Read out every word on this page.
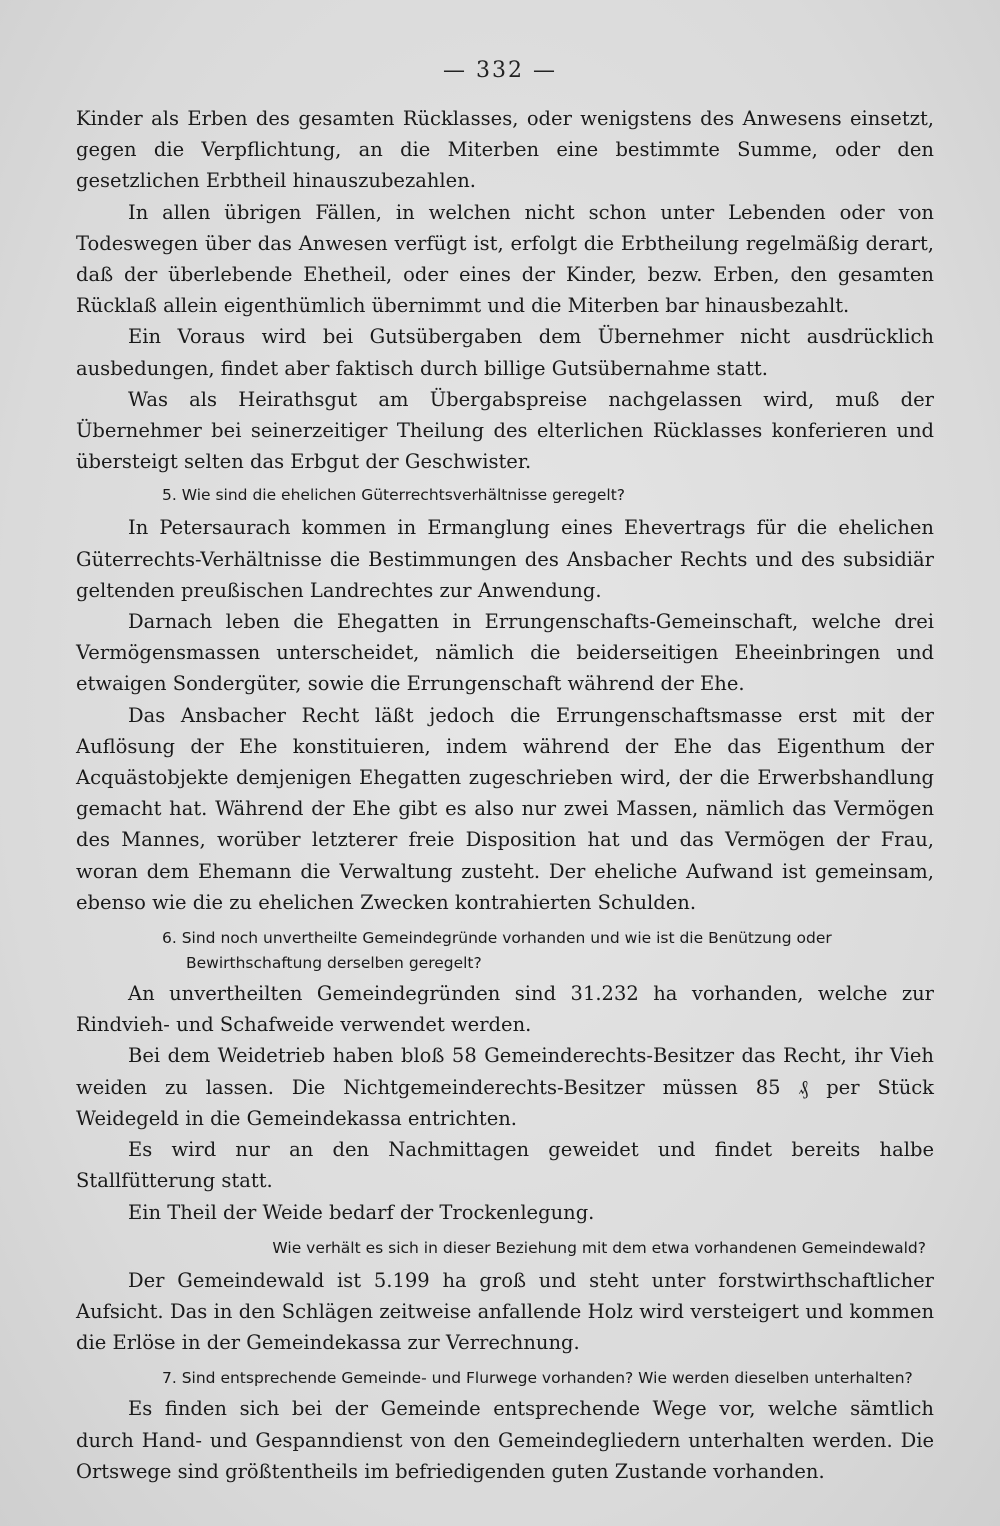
— 332 —

Kinder als Erben des gesamten Rücklasses, oder wenigstens des Anwesens einsetzt, gegen die Verpflichtung, an die Miterben eine bestimmte Summe, oder den gesetzlichen Erbtheil hinauszubezahlen.

In allen übrigen Fällen, in welchen nicht schon unter Lebenden oder von Todeswegen über das Anwesen verfügt ist, erfolgt die Erbtheilung regelmäßig derart, daß der überlebende Ehetheil, oder eines der Kinder, bezw. Erben, den gesamten Rücklaß allein eigenthümlich übernimmt und die Miterben bar hinausbezahlt.

Ein Voraus wird bei Gutsübergaben dem Übernehmer nicht ausdrücklich ausbedungen, findet aber faktisch durch billige Gutsübernahme statt.

Was als Heirathsgut am Übergabspreise nachgelassen wird, muß der Übernehmer bei seinerzeitiger Theilung des elterlichen Rücklasses konferieren und übersteigt selten das Erbgut der Geschwister.

5. Wie sind die ehelichen Güterrechtsverhältnisse geregelt?

In Petersaurach kommen in Ermanglung eines Ehevertrags für die ehelichen Güterrechts-Verhältnisse die Bestimmungen des Ansbacher Rechts und des subsidiär geltenden preußischen Landrechtes zur Anwendung.

Darnach leben die Ehegatten in Errungenschafts-Gemeinschaft, welche drei Vermögensmassen unterscheidet, nämlich die beiderseitigen Eheeinbringen und etwaigen Sondergüter, sowie die Errungenschaft während der Ehe.

Das Ansbacher Recht läßt jedoch die Errungenschaftsmasse erst mit der Auflösung der Ehe konstituieren, indem während der Ehe das Eigenthum der Acquästobjekte demjenigen Ehegatten zugeschrieben wird, der die Erwerbshandlung gemacht hat. Während der Ehe gibt es also nur zwei Massen, nämlich das Vermögen des Mannes, worüber letzterer freie Disposition hat und das Vermögen der Frau, woran dem Ehemann die Verwaltung zusteht. Der eheliche Aufwand ist gemeinsam, ebenso wie die zu ehelichen Zwecken kontrahierten Schulden.

6. Sind noch unvertheilte Gemeindegründe vorhanden und wie ist die Benützung oder Bewirthschaftung derselben geregelt?

An unvertheilten Gemeindegründen sind 31.232 ha vorhanden, welche zur Rindvieh- und Schafweide verwendet werden.

Bei dem Weidetrieb haben bloß 58 Gemeinderechts-Besitzer das Recht, ihr Vieh weiden zu lassen. Die Nichtgemeinderechts-Besitzer müssen 85 ₰ per Stück Weidegeld in die Gemeindekassa entrichten.

Es wird nur an den Nachmittagen geweidet und findet bereits halbe Stallfütterung statt.

Ein Theil der Weide bedarf der Trockenlegung.

Wie verhält es sich in dieser Beziehung mit dem etwa vorhandenen Gemeindewald?

Der Gemeindewald ist 5.199 ha groß und steht unter forstwirthschaftlicher Aufsicht. Das in den Schlägen zeitweise anfallende Holz wird versteigert und kommen die Erlöse in der Gemeindekassa zur Verrechnung.

7. Sind entsprechende Gemeinde- und Flurwege vorhanden? Wie werden dieselben unterhalten?

Es finden sich bei der Gemeinde entsprechende Wege vor, welche sämtlich durch Hand- und Gespanndienst von den Gemeindegliedern unterhalten werden. Die Ortswege sind größtentheils im befriedigenden guten Zustande vorhanden.
